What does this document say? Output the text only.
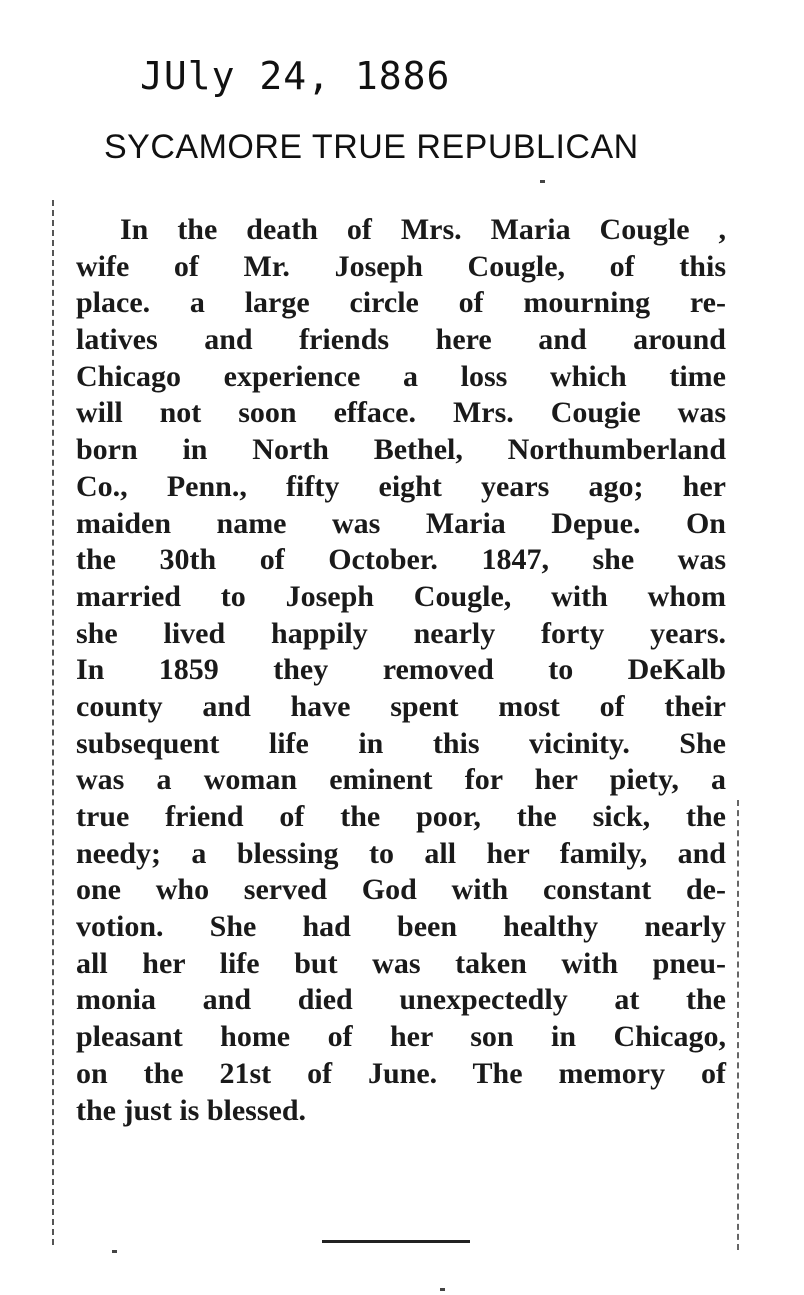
JUly 24, 1886
SYCAMORE TRUE REPUBLICAN
In the death of Mrs. Maria Cougle ,
wife of Mr. Joseph Cougle, of this
place. a large circle of mourning re-
latives and friends here and around
Chicago experience a loss which time
will not soon efface. Mrs. Cougie was
born in North Bethel, Northumberland
Co., Penn., fifty eight years ago; her
maiden name was Maria Depue. On
the 30th of October. 1847, she was
married to Joseph Cougle, with whom
she lived happily nearly forty years.
In 1859 they removed to DeKalb
county and have spent most of their
subsequent life in this vicinity. She
was a woman eminent for her piety, a
true friend of the poor, the sick, the
needy; a blessing to all her family, and
one who served God with constant de-
votion. She had been healthy nearly
all her life but was taken with pneu-
monia and died unexpectedly at the
pleasant home of her son in Chicago,
on the 21st of June. The memory of
the just is blessed.
